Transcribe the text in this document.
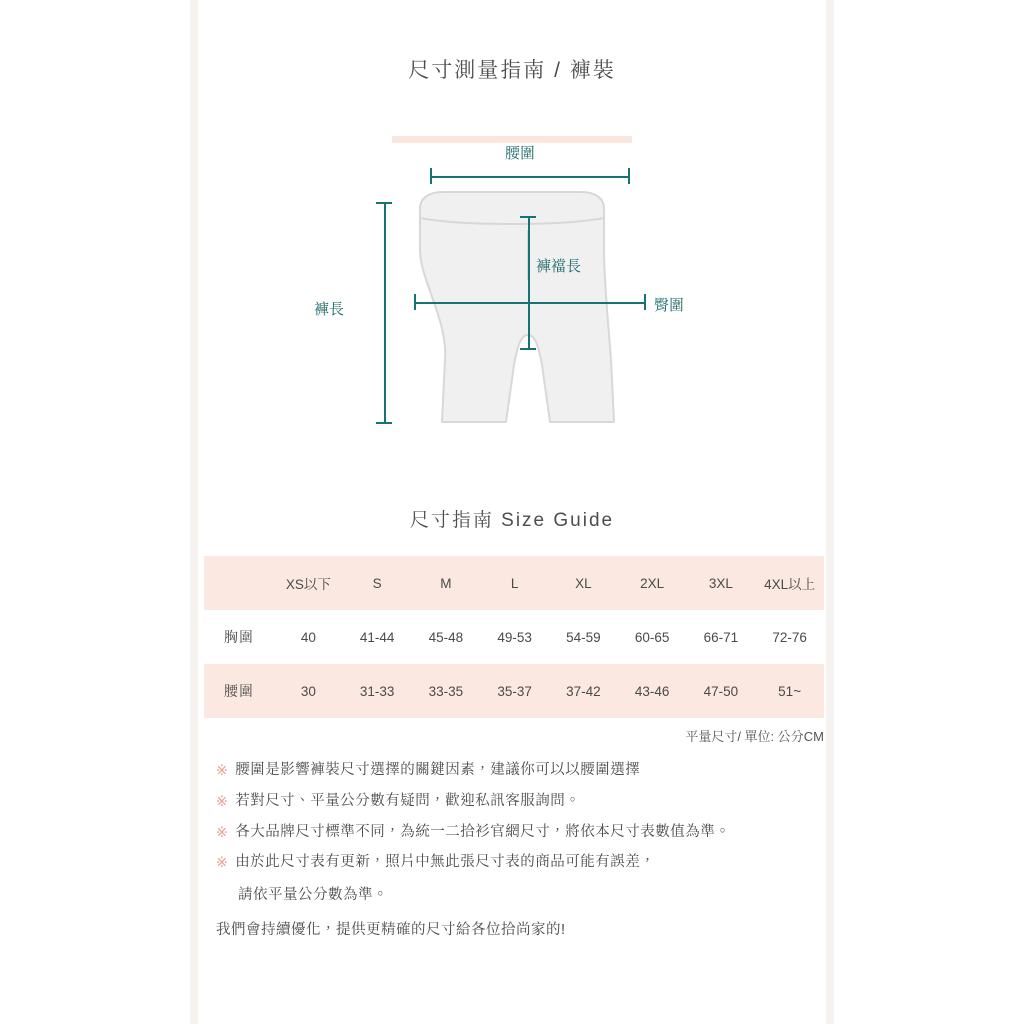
尺寸測量指南 / 褲裝
腰圍
褲長	臀圍
褲襠長
尺寸指南 Size Guide
	XS以下	S	M	L	XL	2XL	3XL	4XL以上
胸圍	40	41-44	45-48	49-53	54-59	60-65	66-71	72-76
腰圍	30	31-33	33-35	35-37	37-42	43-46	47-50	51~
平量尺寸/ 單位: 公分CM
※ 腰圍是影響褲裝尺寸選擇的關鍵因素，建議你可以以腰圍選擇
※ 若對尺寸、平量公分數有疑問，歡迎私訊客服詢問。
※ 各大品牌尺寸標準不同，為統一二拾衫官網尺寸，將依本尺寸表數值為準。
※ 由於此尺寸表有更新，照片中無此張尺寸表的商品可能有誤差，
請依平量公分數為準。
我們會持續優化，提供更精確的尺寸給各位拾尚家的!
